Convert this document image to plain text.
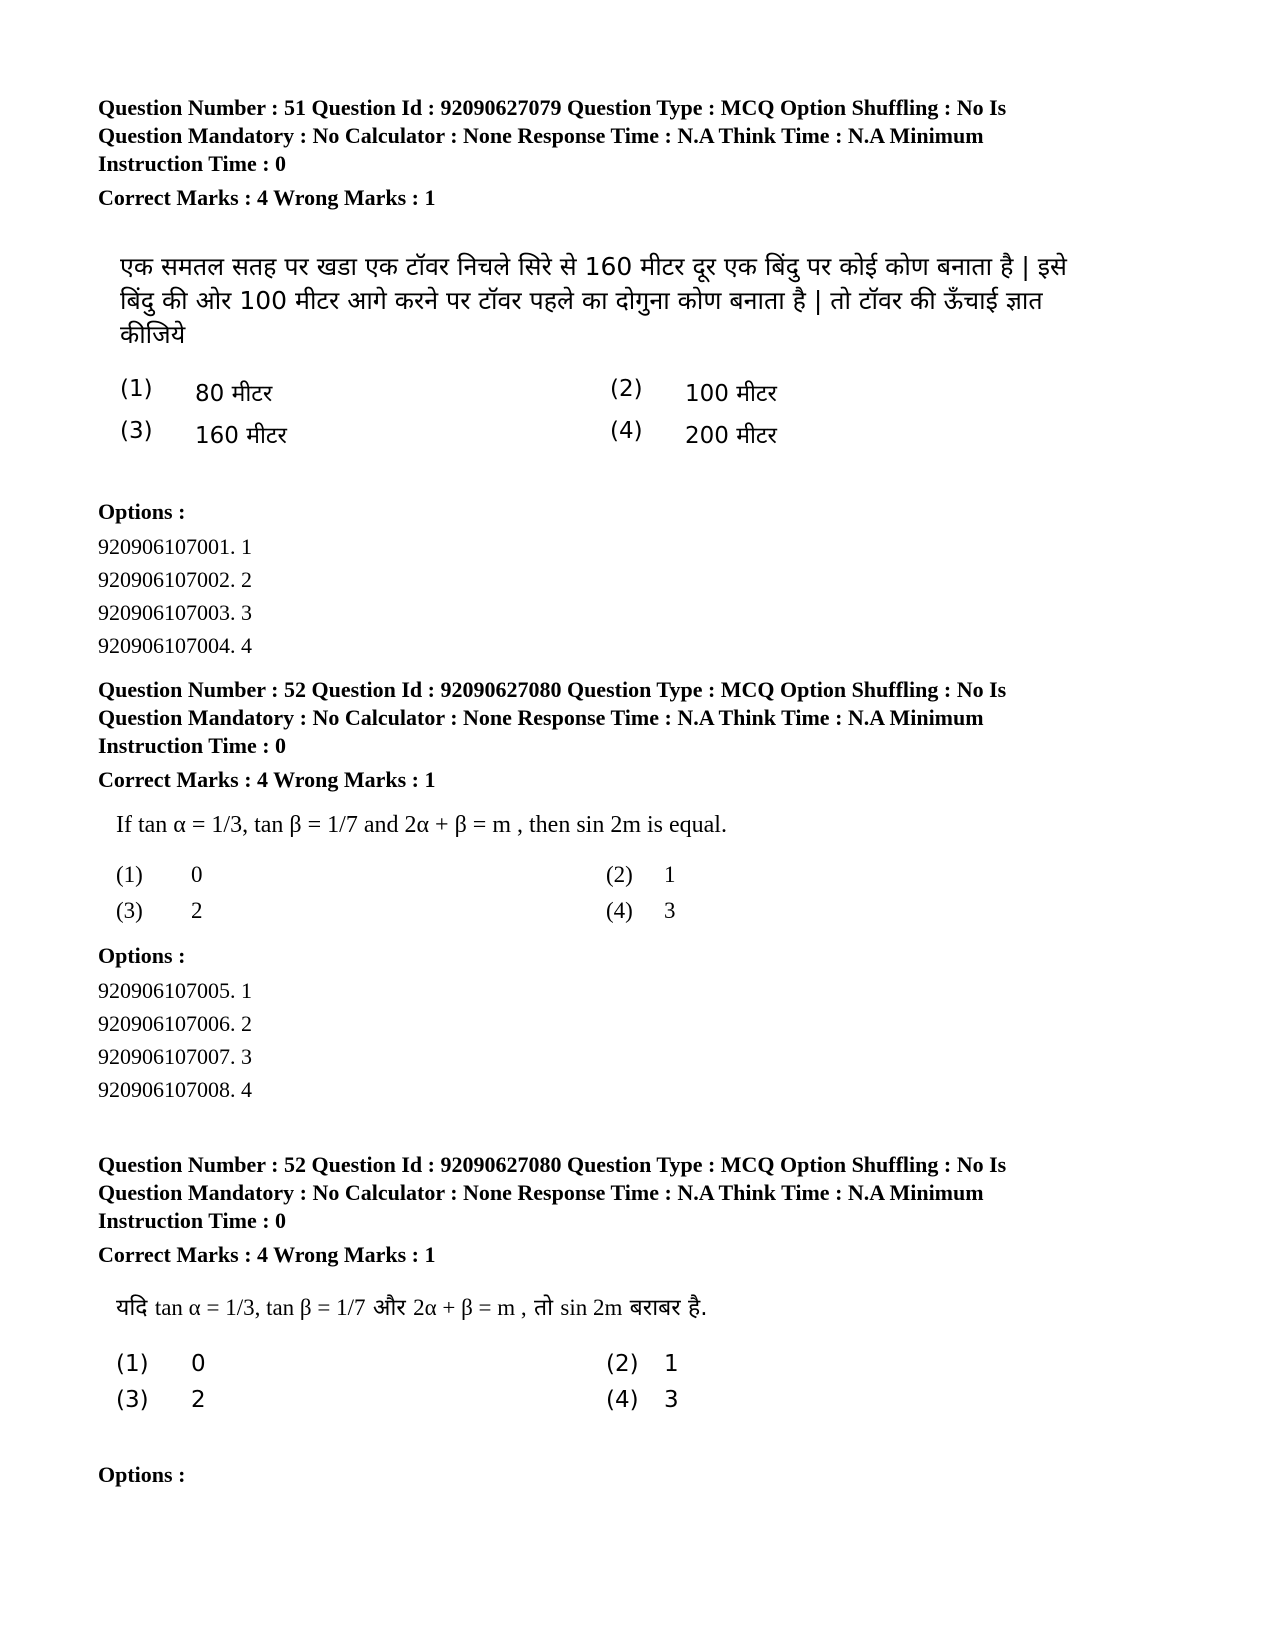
Question Number : 51 Question Id : 92090627079 Question Type : MCQ Option Shuffling : No Is
Question Mandatory : No Calculator : None Response Time : N.A Think Time : N.A Minimum
Instruction Time : 0
Correct Marks : 4 Wrong Marks : 1
एक समतल सतह पर खडा एक टॉवर निचले सिरे से 160 मीटर दूर एक बिंदु पर कोई कोण बनाता है | इसे
बिंदु की ओर 100 मीटर आगे करने पर टॉवर पहले का दोगुना कोण बनाता है | तो टॉवर की ऊँचाई ज्ञात
कीजिये
(1)	80 मीटर	(2)	100 मीटर
(3)	160 मीटर	(4)	200 मीटर
Options :
920906107001. 1
920906107002. 2
920906107003. 3
920906107004. 4
Question Number : 52 Question Id : 92090627080 Question Type : MCQ Option Shuffling : No Is
Question Mandatory : No Calculator : None Response Time : N.A Think Time : N.A Minimum
Instruction Time : 0
Correct Marks : 4 Wrong Marks : 1
If tan α = 1/3, tan β = 1/7 and 2α + β = m , then sin 2m is equal.
(1)	0	(2)	1
(3)	2	(4)	3
Options :
920906107005. 1
920906107006. 2
920906107007. 3
920906107008. 4
Question Number : 52 Question Id : 92090627080 Question Type : MCQ Option Shuffling : No Is
Question Mandatory : No Calculator : None Response Time : N.A Think Time : N.A Minimum
Instruction Time : 0
Correct Marks : 4 Wrong Marks : 1
यदि tan α = 1/3, tan β = 1/7 और 2α + β = m , तो sin 2m बराबर है.
(1)	0	(2)	1
(3)	2	(4)	3
Options :
